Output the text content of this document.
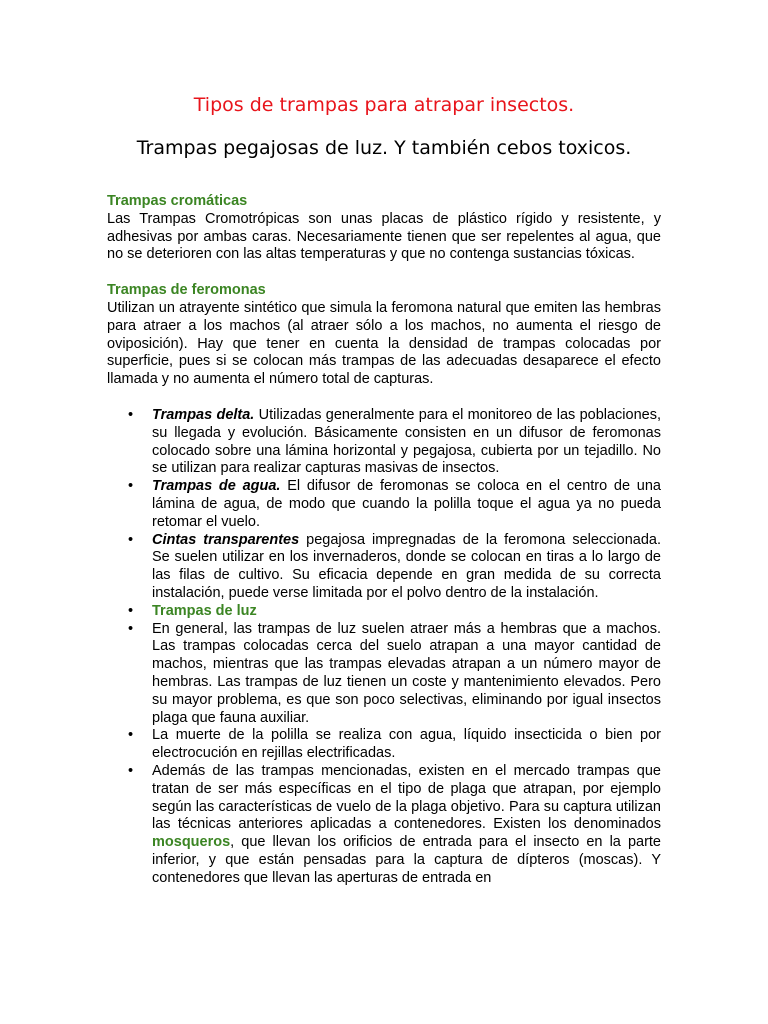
Tipos de trampas para atrapar insectos.
Trampas pegajosas de luz. Y también cebos toxicos.
Trampas cromáticas

Las Trampas Cromotrópicas son unas placas de plástico rígido y resistente, y adhesivas por ambas caras. Necesariamente tienen que ser repelentes al agua, que no se deterioren con las altas temperaturas y que no contenga sustancias tóxicas.

Trampas de feromonas

Utilizan un atrayente sintético que simula la feromona natural que emiten las hembras para atraer a los machos (al atraer sólo a los machos, no aumenta el riesgo de oviposición). Hay que tener en cuenta la densidad de trampas colocadas por superficie, pues si se colocan más trampas de las adecuadas desaparece el efecto llamada y no aumenta el número total de capturas.

• Trampas delta. Utilizadas generalmente para el monitoreo de las poblaciones, su llegada y evolución. Básicamente consisten en un difusor de feromonas colocado sobre una lámina horizontal y pegajosa, cubierta por un tejadillo. No se utilizan para realizar capturas masivas de insectos.
• Trampas de agua. El difusor de feromonas se coloca en el centro de una lámina de agua, de modo que cuando la polilla toque el agua ya no pueda retomar el vuelo.
• Cintas transparentes pegajosa impregnadas de la feromona seleccionada. Se suelen utilizar en los invernaderos, donde se colocan en tiras a lo largo de las filas de cultivo. Su eficacia depende en gran medida de su correcta instalación, puede verse limitada por el polvo dentro de la instalación.
• Trampas de luz
• En general, las trampas de luz suelen atraer más a hembras que a machos. Las trampas colocadas cerca del suelo atrapan a una mayor cantidad de machos, mientras que las trampas elevadas atrapan a un número mayor de hembras. Las trampas de luz tienen un coste y mantenimiento elevados. Pero su mayor problema, es que son poco selectivas, eliminando por igual insectos plaga que fauna auxiliar.
• La muerte de la polilla se realiza con agua, líquido insecticida o bien por electrocución en rejillas electrificadas.
• Además de las trampas mencionadas, existen en el mercado trampas que tratan de ser más específicas en el tipo de plaga que atrapan, por ejemplo según las características de vuelo de la plaga objetivo. Para su captura utilizan las técnicas anteriores aplicadas a contenedores. Existen los denominados mosqueros, que llevan los orificios de entrada para el insecto en la parte inferior, y que están pensadas para la captura de dípteros (moscas). Y contenedores que llevan las aperturas de entrada en
